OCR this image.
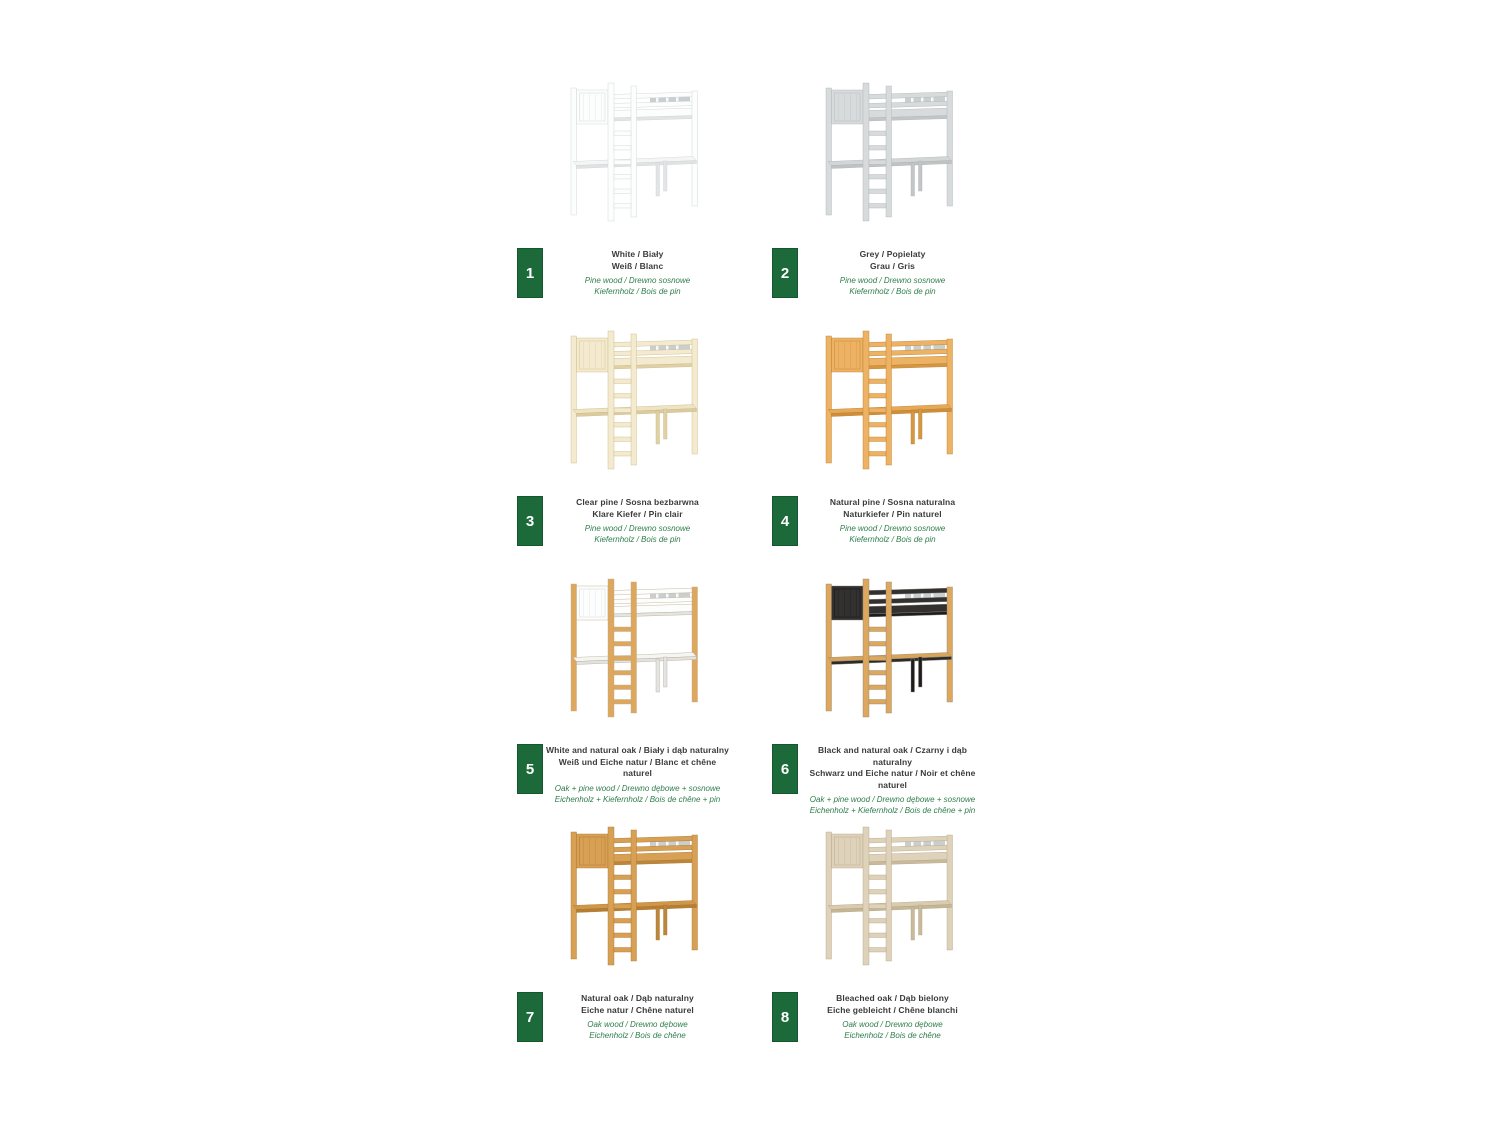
1
White / Biały
Weiß / Blanc
Pine wood / Drewno sosnowe
Kiefernholz / Bois de pin
2
Grey / Popielaty
Grau / Gris
Pine wood / Drewno sosnowe
Kiefernholz / Bois de pin
3
Clear pine / Sosna bezbarwna
Klare Kiefer / Pin clair
Pine wood / Drewno sosnowe
Kiefernholz / Bois de pin
4
Natural pine / Sosna naturalna
Naturkiefer / Pin naturel
Pine wood / Drewno sosnowe
Kiefernholz / Bois de pin
5
White and natural oak / Biały i dąb naturalny
Weiß und Eiche natur / Blanc et chêne naturel
Oak + pine wood / Drewno dębowe + sosnowe
Eichenholz + Kiefernholz / Bois de chêne + pin
6
Black and natural oak / Czarny i dąb naturalny
Schwarz und Eiche natur / Noir et chêne naturel
Oak + pine wood / Drewno dębowe + sosnowe
Eichenholz + Kiefernholz / Bois de chêne + pin
7
Natural oak / Dąb naturalny
Eiche natur / Chêne naturel
Oak wood / Drewno dębowe
Eichenholz / Bois de chêne
8
Bleached oak / Dąb bielony
Eiche gebleicht / Chêne blanchi
Oak wood / Drewno dębowe
Eichenholz / Bois de chêne
